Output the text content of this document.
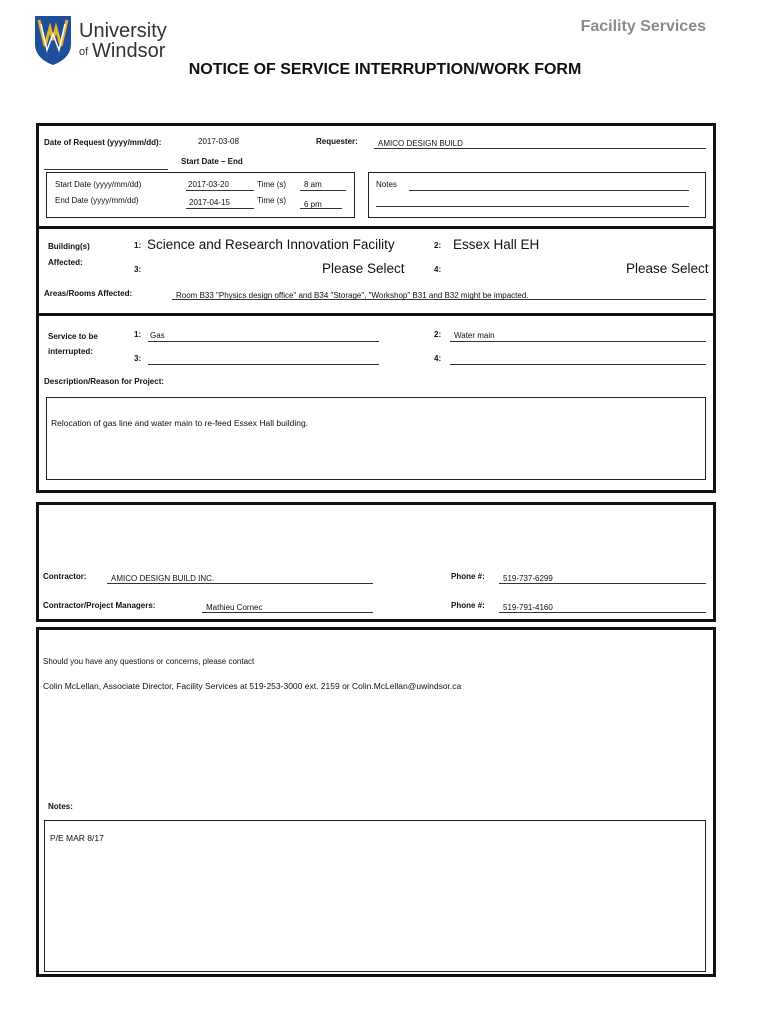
University
of Windsor
Facility Services
NOTICE OF SERVICE INTERRUPTION/WORK FORM
Date of Request (yyyy/mm/dd):	2017-03-08	Requester:	AMICO DESIGN BUILD
Start Date – End
Start Date (yyyy/mm/dd)	2017-03-20	Time (s) 8 am
End Date (yyyy/mm/dd)	2017-04-15	Time (s) 6 pm
Notes
Building(s)
Affected:
1: Science and Research Innovation Facility	2: Essex Hall EH
3:	Please Select	4:	Please Select
Areas/Rooms Affected:	Room B33 "Physics design office" and B34 "Storage", "Workshop" B31 and B32 might be impacted.
Service to be
interrupted:
1: Gas	2: Water main
3:	4:
Description/Reason for Project:
Relocation of gas line and water main to re-feed Essex Hall building.
Contractor:	AMICO DESIGN BUILD INC.	Phone #: 519-737-6299
Contractor/Project Managers:	Mathieu Cornec	Phone #: 519-791-4160
Should you have any questions or concerns, please contact
Colin McLellan, Associate Director, Facility Services at 519-253-3000 ext. 2159 or Colin.McLellan@uwindsor.ca
Notes:
P/E MAR 8/17
